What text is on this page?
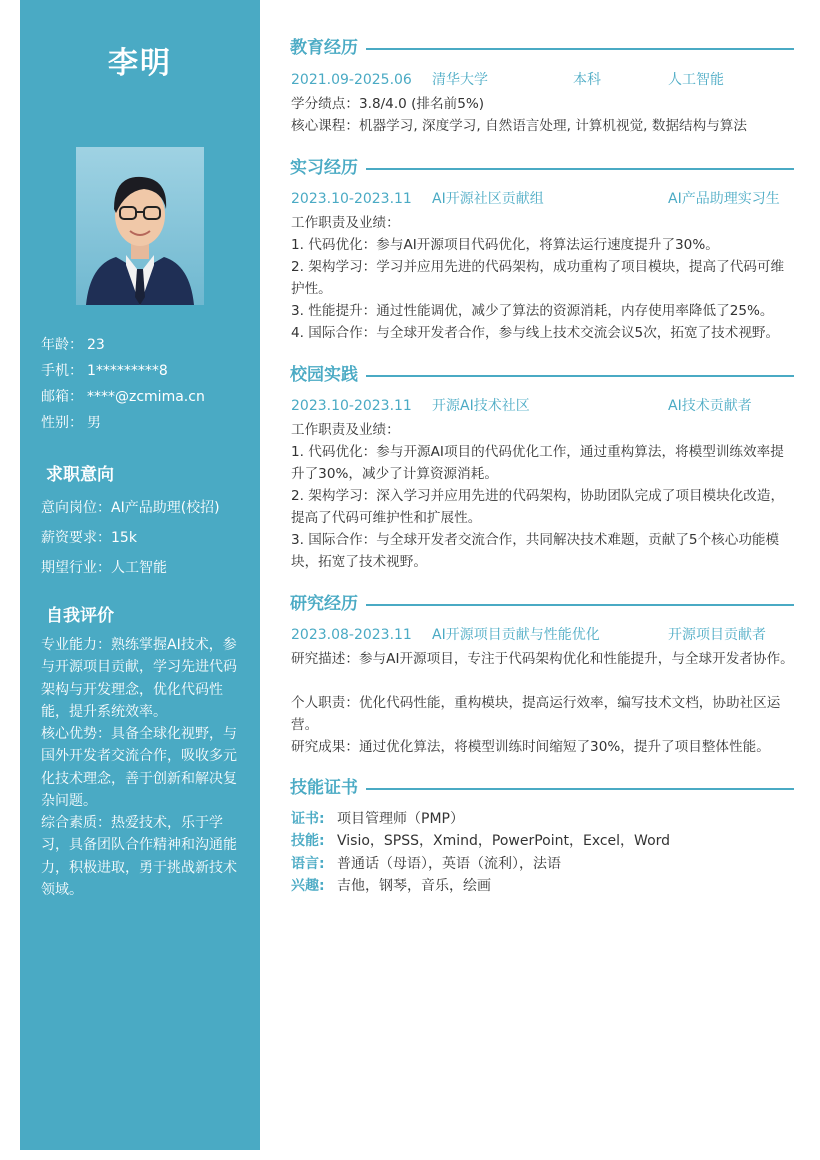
李明
年龄： 23
手机： 1*********8
邮箱： ****@zcmima.cn
性别： 男
求职意向
意向岗位：AI产品助理(校招)
薪资要求：15k
期望行业：人工智能
自我评价
专业能力：熟练掌握AI技术，参与开源项目贡献，学习先进代码架构与开发理念，优化代码性能，提升系统效率。
核心优势：具备全球化视野，与国外开发者交流合作，吸收多元化技术理念，善于创新和解决复杂问题。
综合素质：热爱技术，乐于学习，具备团队合作精神和沟通能力，积极进取，勇于挑战新技术领域。
教育经历
2021.09-2025.06 清华大学	本科	人工智能
学分绩点：3.8/4.0 (排名前5%)
核心课程：机器学习, 深度学习, 自然语言处理, 计算机视觉, 数据结构与算法
实习经历
2023.10-2023.11 AI开源社区贡献组	AI产品助理实习生
工作职责及业绩：
1. 代码优化：参与AI开源项目代码优化，将算法运行速度提升了30%。
2. 架构学习：学习并应用先进的代码架构，成功重构了项目模块，提高了代码可维护性。
3. 性能提升：通过性能调优，减少了算法的资源消耗，内存使用率降低了25%。
4. 国际合作：与全球开发者合作，参与线上技术交流会议5次，拓宽了技术视野。
校园实践
2023.10-2023.11 开源AI技术社区	AI技术贡献者
工作职责及业绩：
1. 代码优化：参与开源AI项目的代码优化工作，通过重构算法，将模型训练效率提升了30%，减少了计算资源消耗。
2. 架构学习：深入学习并应用先进的代码架构，协助团队完成了项目模块化改造，提高了代码可维护性和扩展性。
3. 国际合作：与全球开发者交流合作，共同解决技术难题，贡献了5个核心功能模块，拓宽了技术视野。
研究经历
2023.08-2023.11 AI开源项目贡献与性能优化	开源项目贡献者
研究描述：参与AI开源项目，专注于代码架构优化和性能提升，与全球开发者协作。
个人职责：优化代码性能，重构模块，提高运行效率，编写技术文档，协助社区运营。
研究成果：通过优化算法，将模型训练时间缩短了30%，提升了项目整体性能。
技能证书
证书: 项目管理师（PMP）
技能: Visio，SPSS，Xmind，PowerPoint，Excel，Word
语言: 普通话（母语），英语（流利），法语
兴趣: 吉他，钢琴，音乐，绘画
